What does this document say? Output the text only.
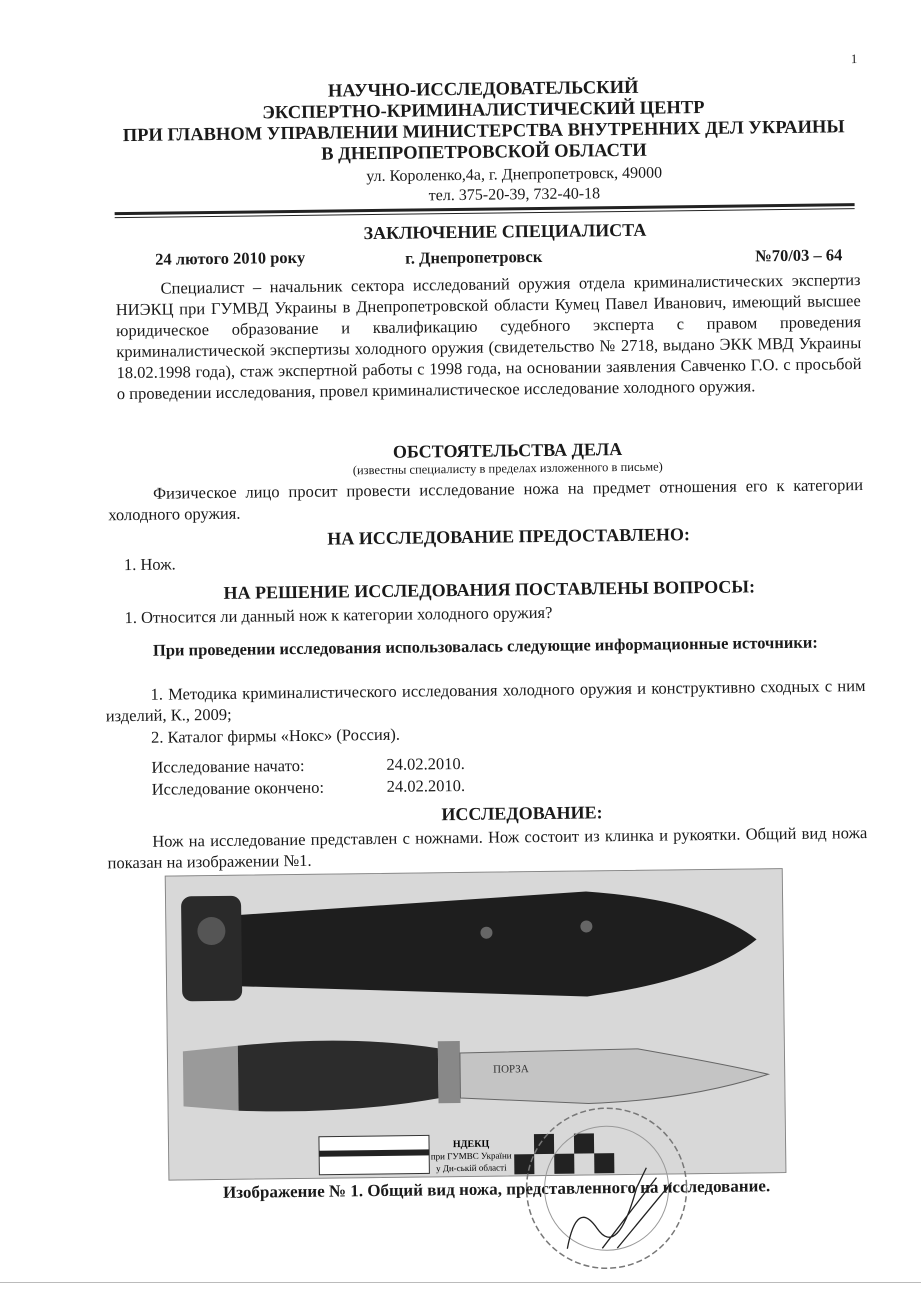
1
НАУЧНО-ИССЛЕДОВАТЕЛЬСКИЙ
ЭКСПЕРТНО-КРИМИНАЛИСТИЧЕСКИЙ ЦЕНТР
ПРИ ГЛАВНОМ УПРАВЛЕНИИ МИНИСТЕРСТВА ВНУТРЕННИХ ДЕЛ УКРАИНЫ
В ДНЕПРОПЕТРОВСКОЙ ОБЛАСТИ
ул. Короленко,4а, г. Днепропетровск, 49000
тел. 375-20-39, 732-40-18
ЗАКЛЮЧЕНИЕ СПЕЦИАЛИСТА
24 лютого 2010 року	г. Днепропетровск	№70/03 – 64
Специалист – начальник сектора исследований оружия отдела криминалистических экспертиз НИЭКЦ при ГУМВД Украины в Днепропетровской области Кумец Павел Иванович, имеющий высшее юридическое образование и квалификацию судебного эксперта с правом проведения криминалистической экспертизы холодного оружия (свидетельство № 2718, выдано ЭКК МВД Украины 18.02.1998 года), стаж экспертной работы с 1998 года, на основании заявления Савченко Г.О. с просьбой о проведении исследования, провел криминалистическое исследование холодного оружия.
ОБСТОЯТЕЛЬСТВА ДЕЛА
(известны специалисту в пределах изложенного в письме)
Физическое лицо просит провести исследование ножа на предмет отношения его к категории холодного оружия.
НА ИССЛЕДОВАНИЕ ПРЕДОСТАВЛЕНО:
1. Нож.
НА РЕШЕНИЕ ИССЛЕДОВАНИЯ ПОСТАВЛЕНЫ ВОПРОСЫ:
1. Относится ли данный нож к категории холодного оружия?
При проведении исследования использовалась следующие информационные источники:
1. Методика криминалистического исследования холодного оружия и конструктивно сходных с ним изделий, К., 2009;
2. Каталог фирмы «Нокс» (Россия).
Исследование начато:	24.02.2010.
Исследование окончено:	24.02.2010.
ИССЛЕДОВАНИЕ:
Нож на исследование представлен с ножнами. Нож состоит из клинка и рукоятки. Общий вид ножа показан на изображении №1.
ПОРЗА
НДЕКЦ
при ГУМВС України
у Дн-ській області
Изображение № 1. Общий вид ножа, представленного на исследование.
